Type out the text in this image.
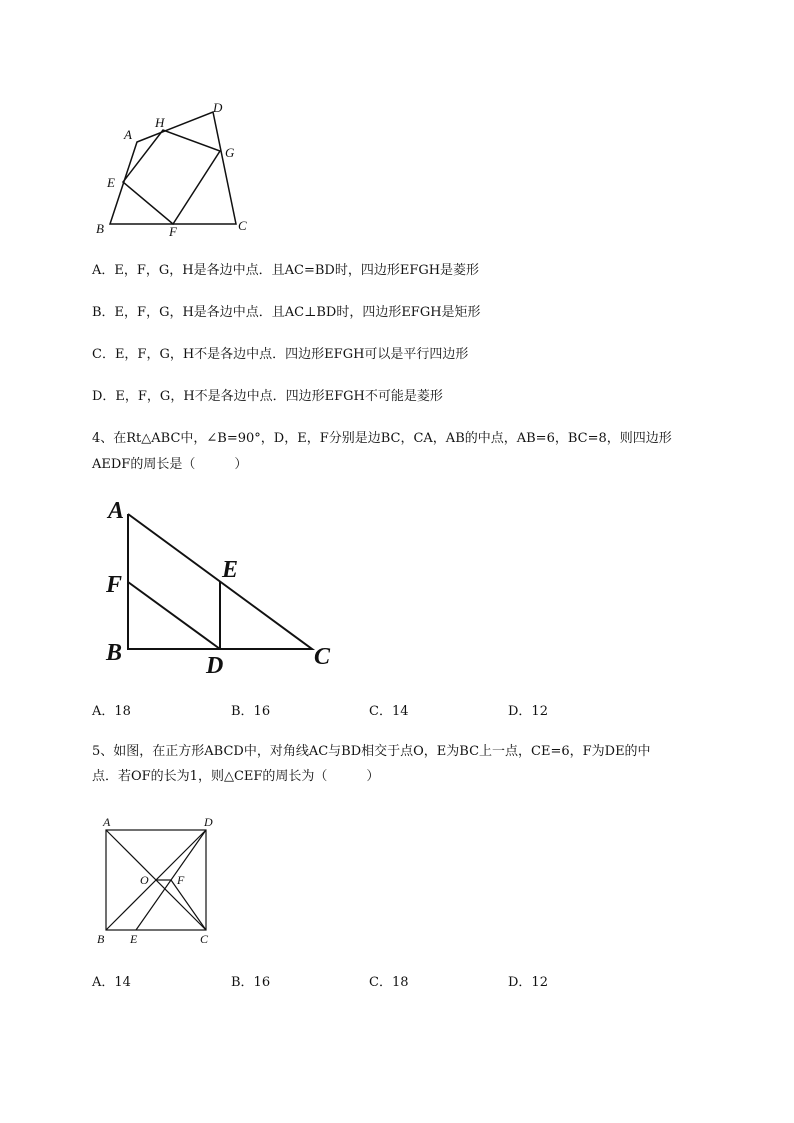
A
H
D
G
E
B	F	C
A．E，F，G，H是各边中点．且AC=BD时，四边形EFGH是菱形
B．E，F，G，H是各边中点．且AC⊥BD时，四边形EFGH是矩形
C．E，F，G，H不是各边中点．四边形EFGH可以是平行四边形
D．E，F，G，H不是各边中点．四边形EFGH不可能是菱形
4、在Rt△ABC中，∠B=90°，D，E，F分别是边BC，CA，AB的中点，AB=6，BC=8，则四边形
AEDF的周长是（　　　）
A
F
E
B	D	C
A．18	B．16	C．14	D．12
5、如图，在正方形ABCD中，对角线AC与BD相交于点O，E为BC上一点，CE=6，F为DE的中
点．若OF的长为1，则△CEF的周长为（　　　）
A	D
O F
B E	C
A．14	B．16	C．18	D．12
